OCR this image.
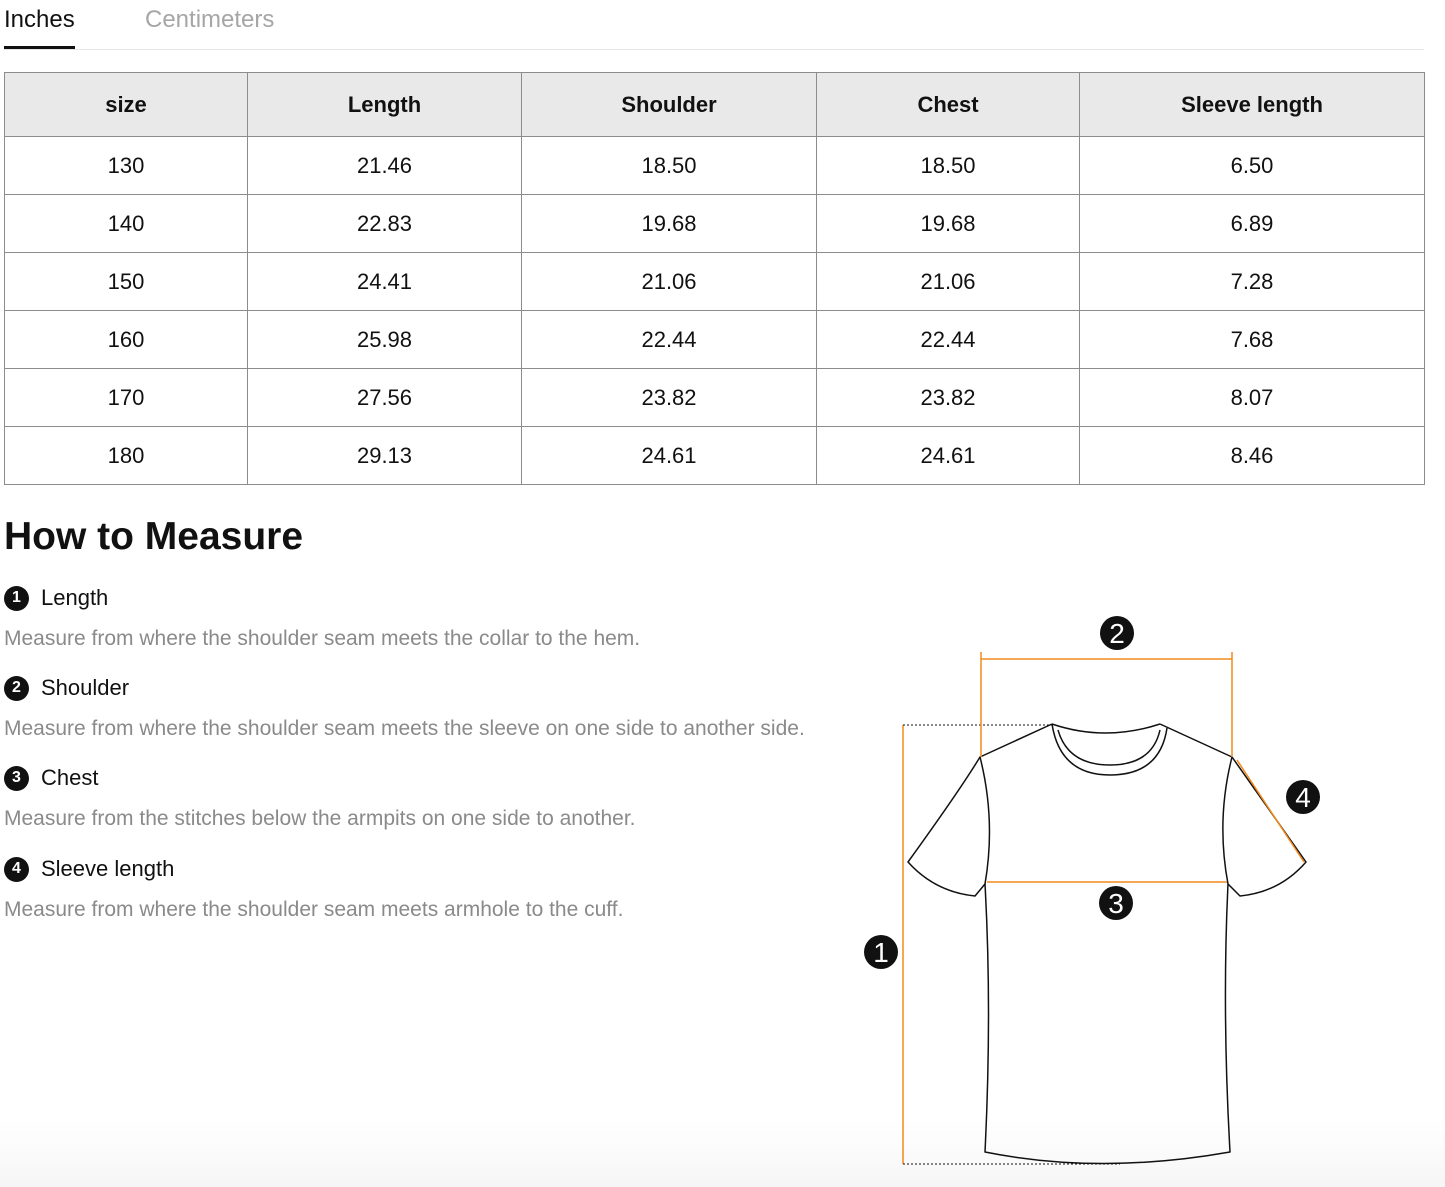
Inches	Centimeters
size	Length	Shoulder	Chest	Sleeve length
130	21.46	18.50	18.50	6.50
140	22.83	19.68	19.68	6.89
150	24.41	21.06	21.06	7.28
160	25.98	22.44	22.44	7.68
170	27.56	23.82	23.82	8.07
180	29.13	24.61	24.61	8.46
How to Measure
1 Length
Measure from where the shoulder seam meets the collar to the hem.
2 Shoulder
Measure from where the shoulder seam meets the sleeve on one side to another side.
3 Chest
Measure from the stitches below the armpits on one side to another.
4 Sleeve length
Measure from where the shoulder seam meets armhole to the cuff.
1
2
3
4
